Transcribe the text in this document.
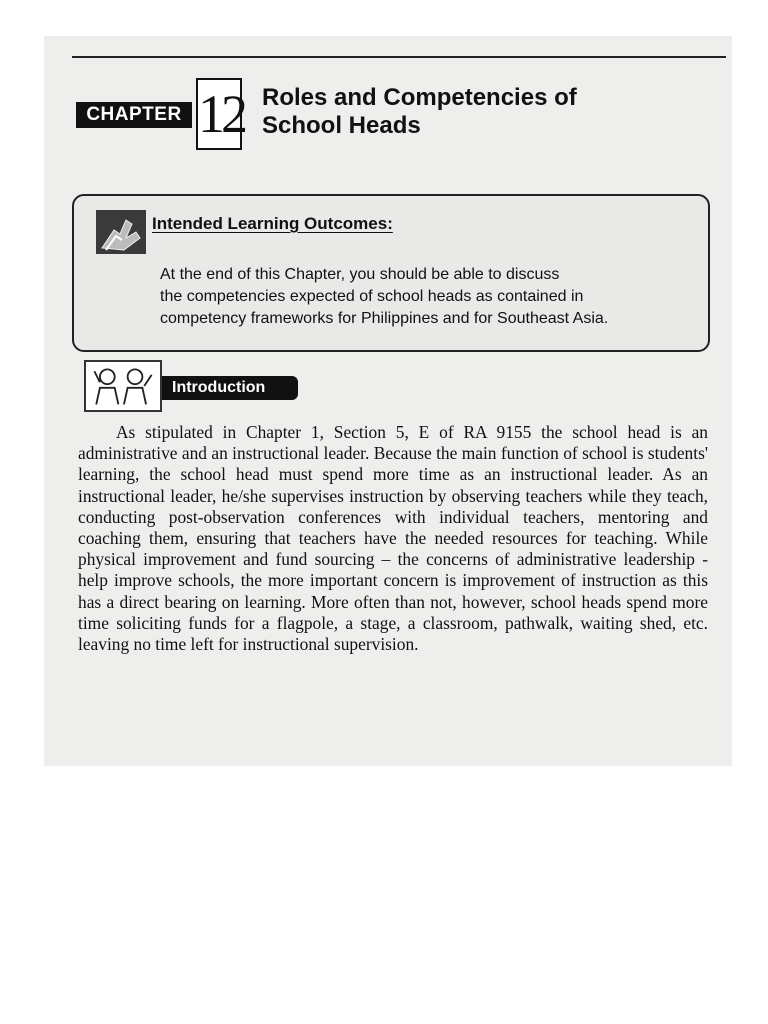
CHAPTER 12 Roles and Competencies of
School Heads
Intended Learning Outcomes:
At the end of this Chapter, you should be able to discuss
the competencies expected of school heads as contained in
competency frameworks for Philippines and for Southeast Asia.
Introduction

As stipulated in Chapter 1, Section 5, E of RA 9155 the school head is an administrative and an instructional leader. Because the main function of school is students' learning, the school head must spend more time as an instructional leader. As an instructional leader, he/she supervises instruction by observing teachers while they teach, conducting post-observation conferences with individual teachers, mentoring and coaching them, ensuring that teachers have the needed resources for teaching. While physical improvement and fund sourcing – the concerns of administrative leadership - help improve schools, the more important concern is improvement of instruction as this has a direct bearing on learning. More often than not, however, school heads spend more time soliciting funds for a flagpole, a stage, a classroom, pathwalk, waiting shed, etc. leaving no time left for instructional supervision.
